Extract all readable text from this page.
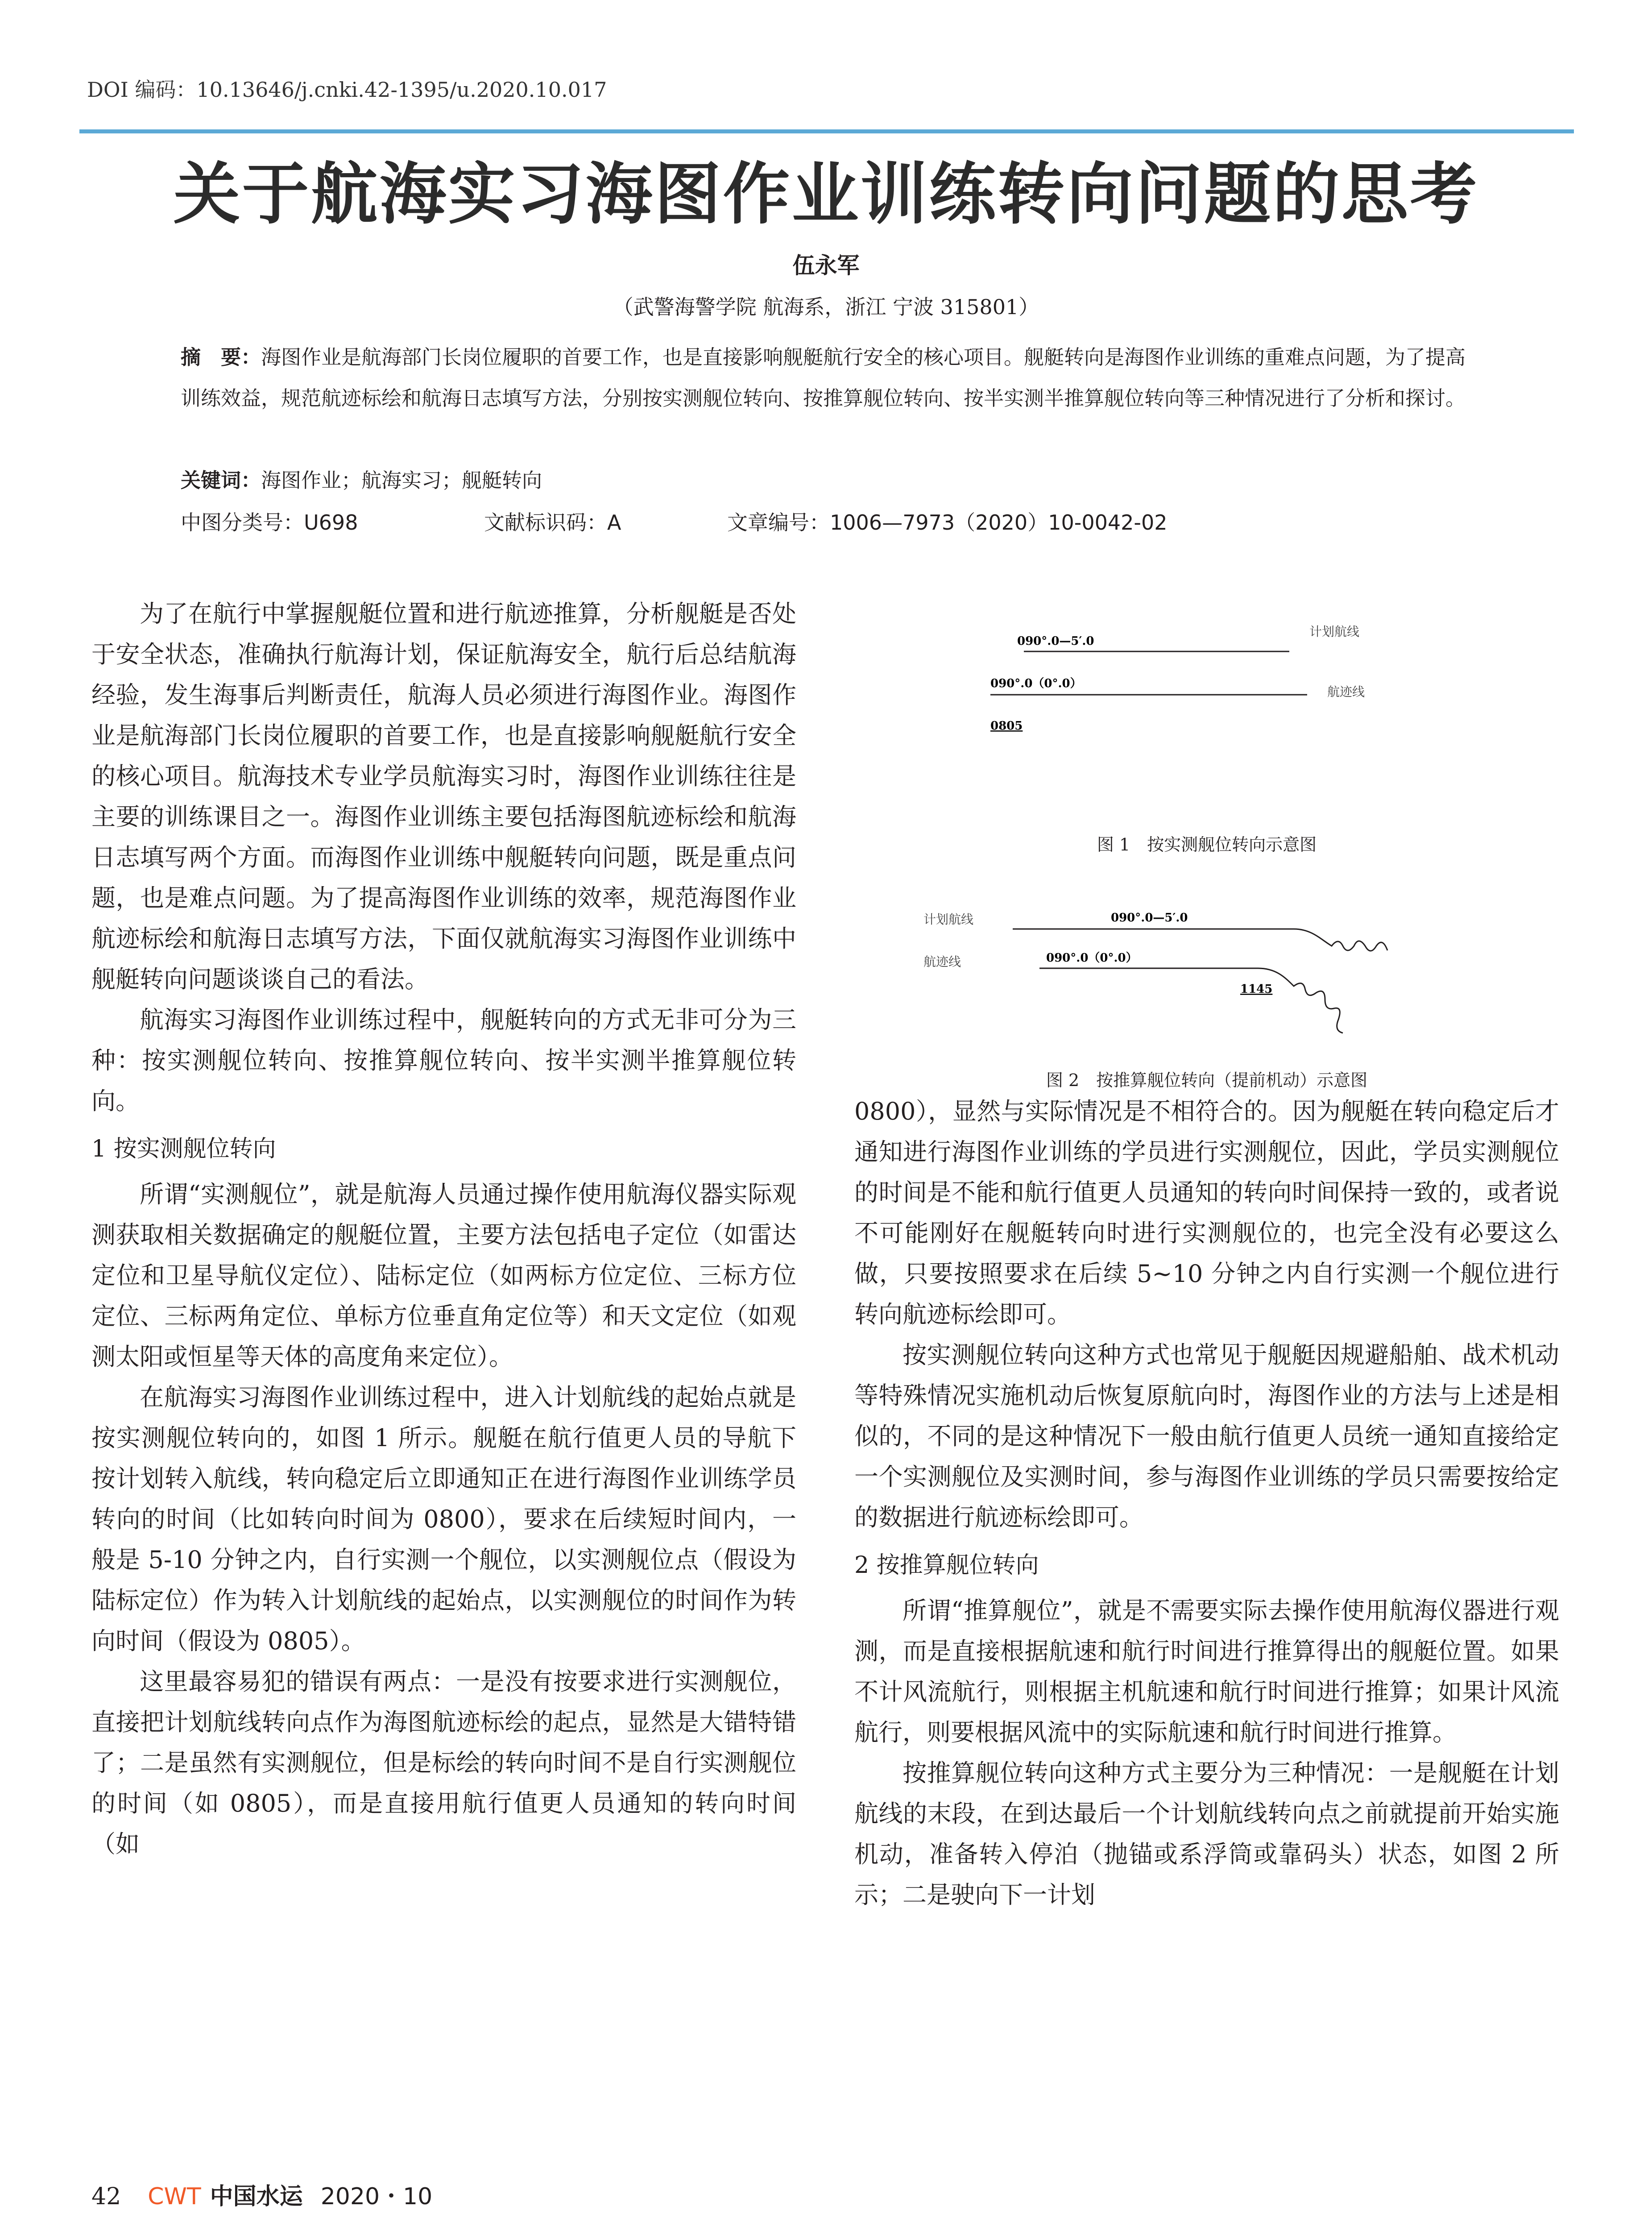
DOI 编码：10.13646/j.cnki.42-1395/u.2020.10.017
关于航海实习海图作业训练转向问题的思考
伍永军
（武警海警学院 航海系，浙江 宁波 315801）
摘　要：海图作业是航海部门长岗位履职的首要工作，也是直接影响舰艇航行安全的核心项目。舰艇转向是海图作业训练的重难点问题，为了提高训练效益，规范航迹标绘和航海日志填写方法，分别按实测舰位转向、按推算舰位转向、按半实测半推算舰位转向等三种情况进行了分析和探讨。
关键词：海图作业；航海实习；舰艇转向
中图分类号：U698	文献标识码：A	文章编号：1006—7973（2020）10-0042-02

为了在航行中掌握舰艇位置和进行航迹推算，分析舰艇是否处于安全状态，准确执行航海计划，保证航海安全，航行后总结航海经验，发生海事后判断责任，航海人员必须进行海图作业。海图作业是航海部门长岗位履职的首要工作，也是直接影响舰艇航行安全的核心项目。航海技术专业学员航海实习时，海图作业训练往往是主要的训练课目之一。海图作业训练主要包括海图航迹标绘和航海日志填写两个方面。而海图作业训练中舰艇转向问题，既是重点问题，也是难点问题。为了提高海图作业训练的效率，规范海图作业航迹标绘和航海日志填写方法，下面仅就航海实习海图作业训练中舰艇转向问题谈谈自己的看法。

航海实习海图作业训练过程中，舰艇转向的方式无非可分为三种：按实测舰位转向、按推算舰位转向、按半实测半推算舰位转向。

1 按实测舰位转向

所谓“实测舰位”，就是航海人员通过操作使用航海仪器实际观测获取相关数据确定的舰艇位置，主要方法包括电子定位（如雷达定位和卫星导航仪定位）、陆标定位（如两标方位定位、三标方位定位、三标两角定位、单标方位垂直角定位等）和天文定位（如观测太阳或恒星等天体的高度角来定位）。

在航海实习海图作业训练过程中，进入计划航线的起始点就是按实测舰位转向的，如图 1 所示。舰艇在航行值更人员的导航下按计划转入航线，转向稳定后立即通知正在进行海图作业训练学员转向的时间（比如转向时间为 0800），要求在后续短时间内，一般是 5-10 分钟之内，自行实测一个舰位，以实测舰位点（假设为陆标定位）作为转入计划航线的起始点，以实测舰位的时间作为转向时间（假设为 0805）。

这里最容易犯的错误有两点：一是没有按要求进行实测舰位，直接把计划航线转向点作为海图航迹标绘的起点，显然是大错特错了；二是虽然有实测舰位，但是标绘的转向时间不是自行实测舰位的时间（如 0805），而是直接用航行值更人员通知的转向时间（如

090°.0—5′.0
计划航线
090°.0（0°.0）
航迹线
0805
图 1　按实测舰位转向示意图
计划航线	090°.0—5′.0
航迹线	090°.0（0°.0）
1145
图 2　按推算舰位转向（提前机动）示意图

0800），显然与实际情况是不相符合的。因为舰艇在转向稳定后才通知进行海图作业训练的学员进行实测舰位，因此，学员实测舰位的时间是不能和航行值更人员通知的转向时间保持一致的，或者说不可能刚好在舰艇转向时进行实测舰位的，也完全没有必要这么做，只要按照要求在后续 5~10 分钟之内自行实测一个舰位进行转向航迹标绘即可。

按实测舰位转向这种方式也常见于舰艇因规避船舶、战术机动等特殊情况实施机动后恢复原航向时，海图作业的方法与上述是相似的，不同的是这种情况下一般由航行值更人员统一通知直接给定一个实测舰位及实测时间，参与海图作业训练的学员只需要按给定的数据进行航迹标绘即可。

2 按推算舰位转向

所谓“推算舰位”，就是不需要实际去操作使用航海仪器进行观测，而是直接根据航速和航行时间进行推算得出的舰艇位置。如果不计风流航行，则根据主机航速和航行时间进行推算；如果计风流航行，则要根据风流中的实际航速和航行时间进行推算。

按推算舰位转向这种方式主要分为三种情况：一是舰艇在计划航线的末段，在到达最后一个计划航线转向点之前就提前开始实施机动，准备转入停泊（抛锚或系浮筒或靠码头）状态，如图 2 所示；二是驶向下一计划

42 CWT 中国水运 2020・10
